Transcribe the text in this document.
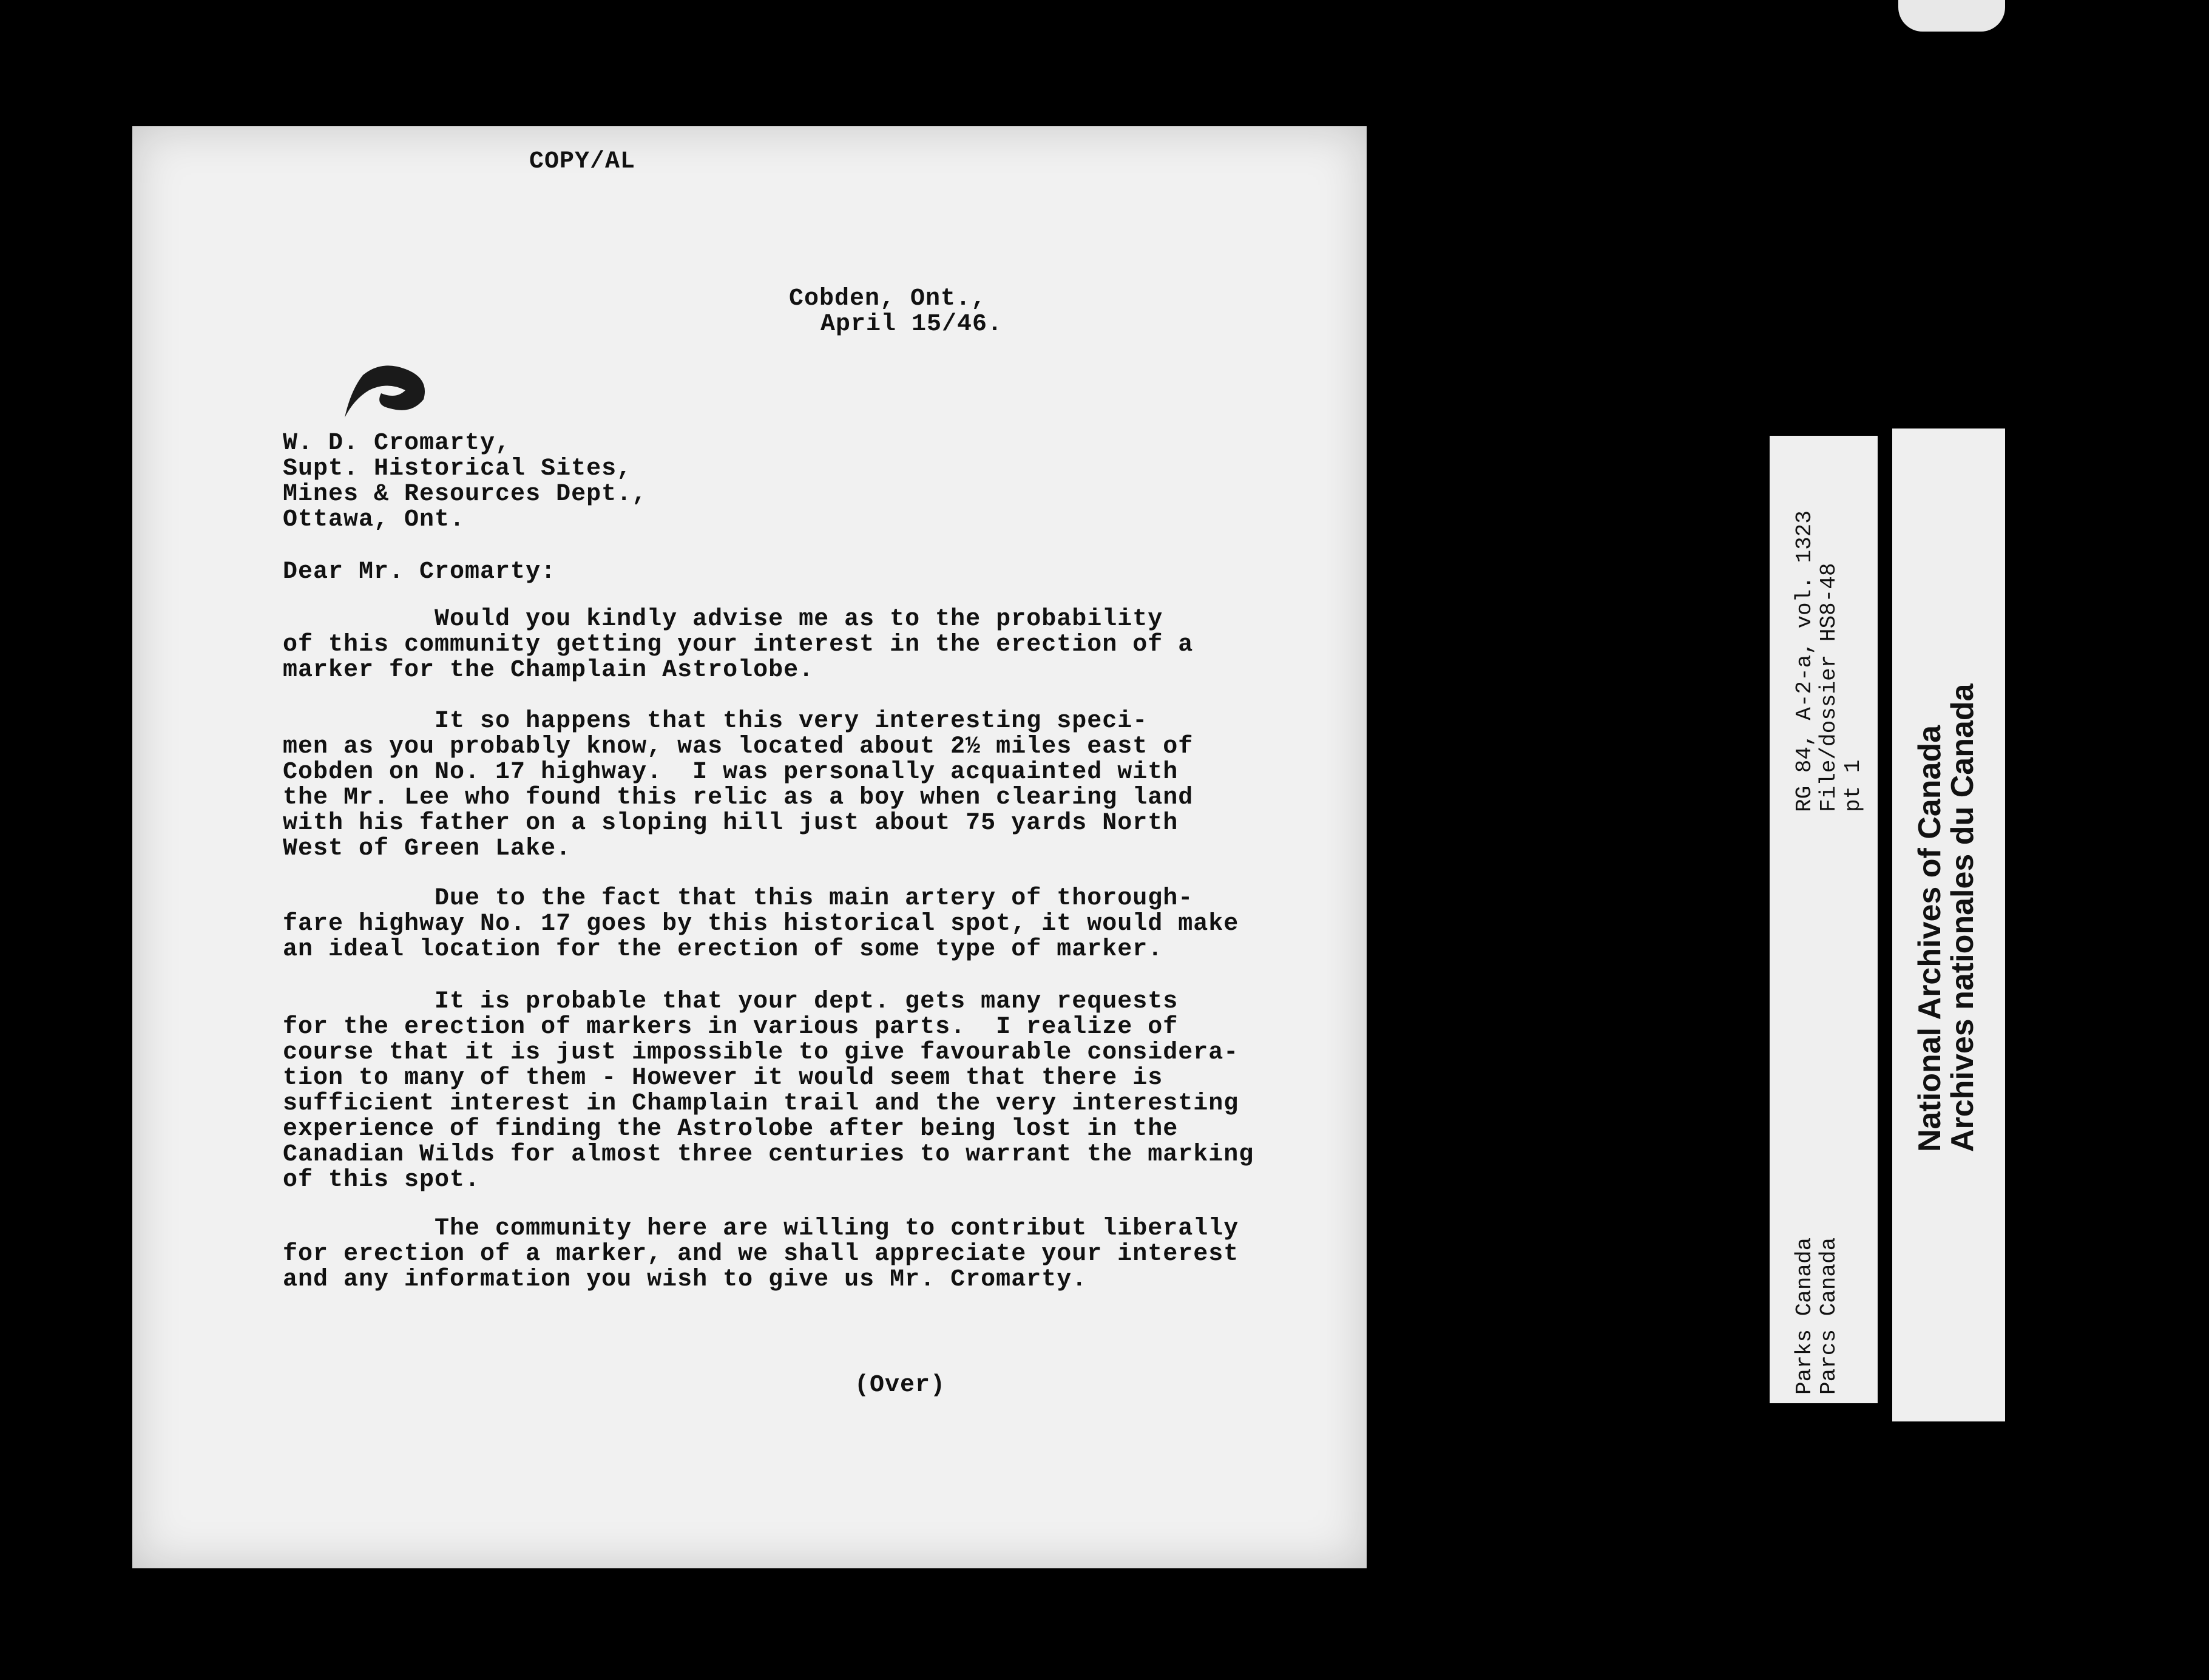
COPY/AL
Cobden, Ont.,
April 15/46.
W. D. Cromarty,
Supt. Historical Sites,
Mines & Resources Dept.,
Ottawa, Ont.
Dear Mr. Cromarty:
Would you kindly advise me as to the probability
of this community getting your interest in the erection of a
marker for the Champlain Astrolobe.
It so happens that this very interesting speci-
men as you probably know, was located about 2½ miles east of
Cobden on No. 17 highway.  I was personally acquainted with
the Mr. Lee who found this relic as a boy when clearing land
with his father on a sloping hill just about 75 yards North
West of Green Lake.
Due to the fact that this main artery of thorough-
fare highway No. 17 goes by this historical spot, it would make
an ideal location for the erection of some type of marker.
It is probable that your dept. gets many requests
for the erection of markers in various parts.  I realize of
course that it is just impossible to give favourable considera-
tion to many of them - However it would seem that there is
sufficient interest in Champlain trail and the very interesting
experience of finding the Astrolobe after being lost in the
Canadian Wilds for almost three centuries to warrant the marking
of this spot.
The community here are willing to contribut liberally
for erection of a marker, and we shall appreciate your interest
and any information you wish to give us Mr. Cromarty.
(Over)	Parks Canada Parcs Canada
RG 84, A-2-a, vol. 1323 File/dossier HS8-48 pt 1 National Archives of Canada
Archives nationales du Canada
